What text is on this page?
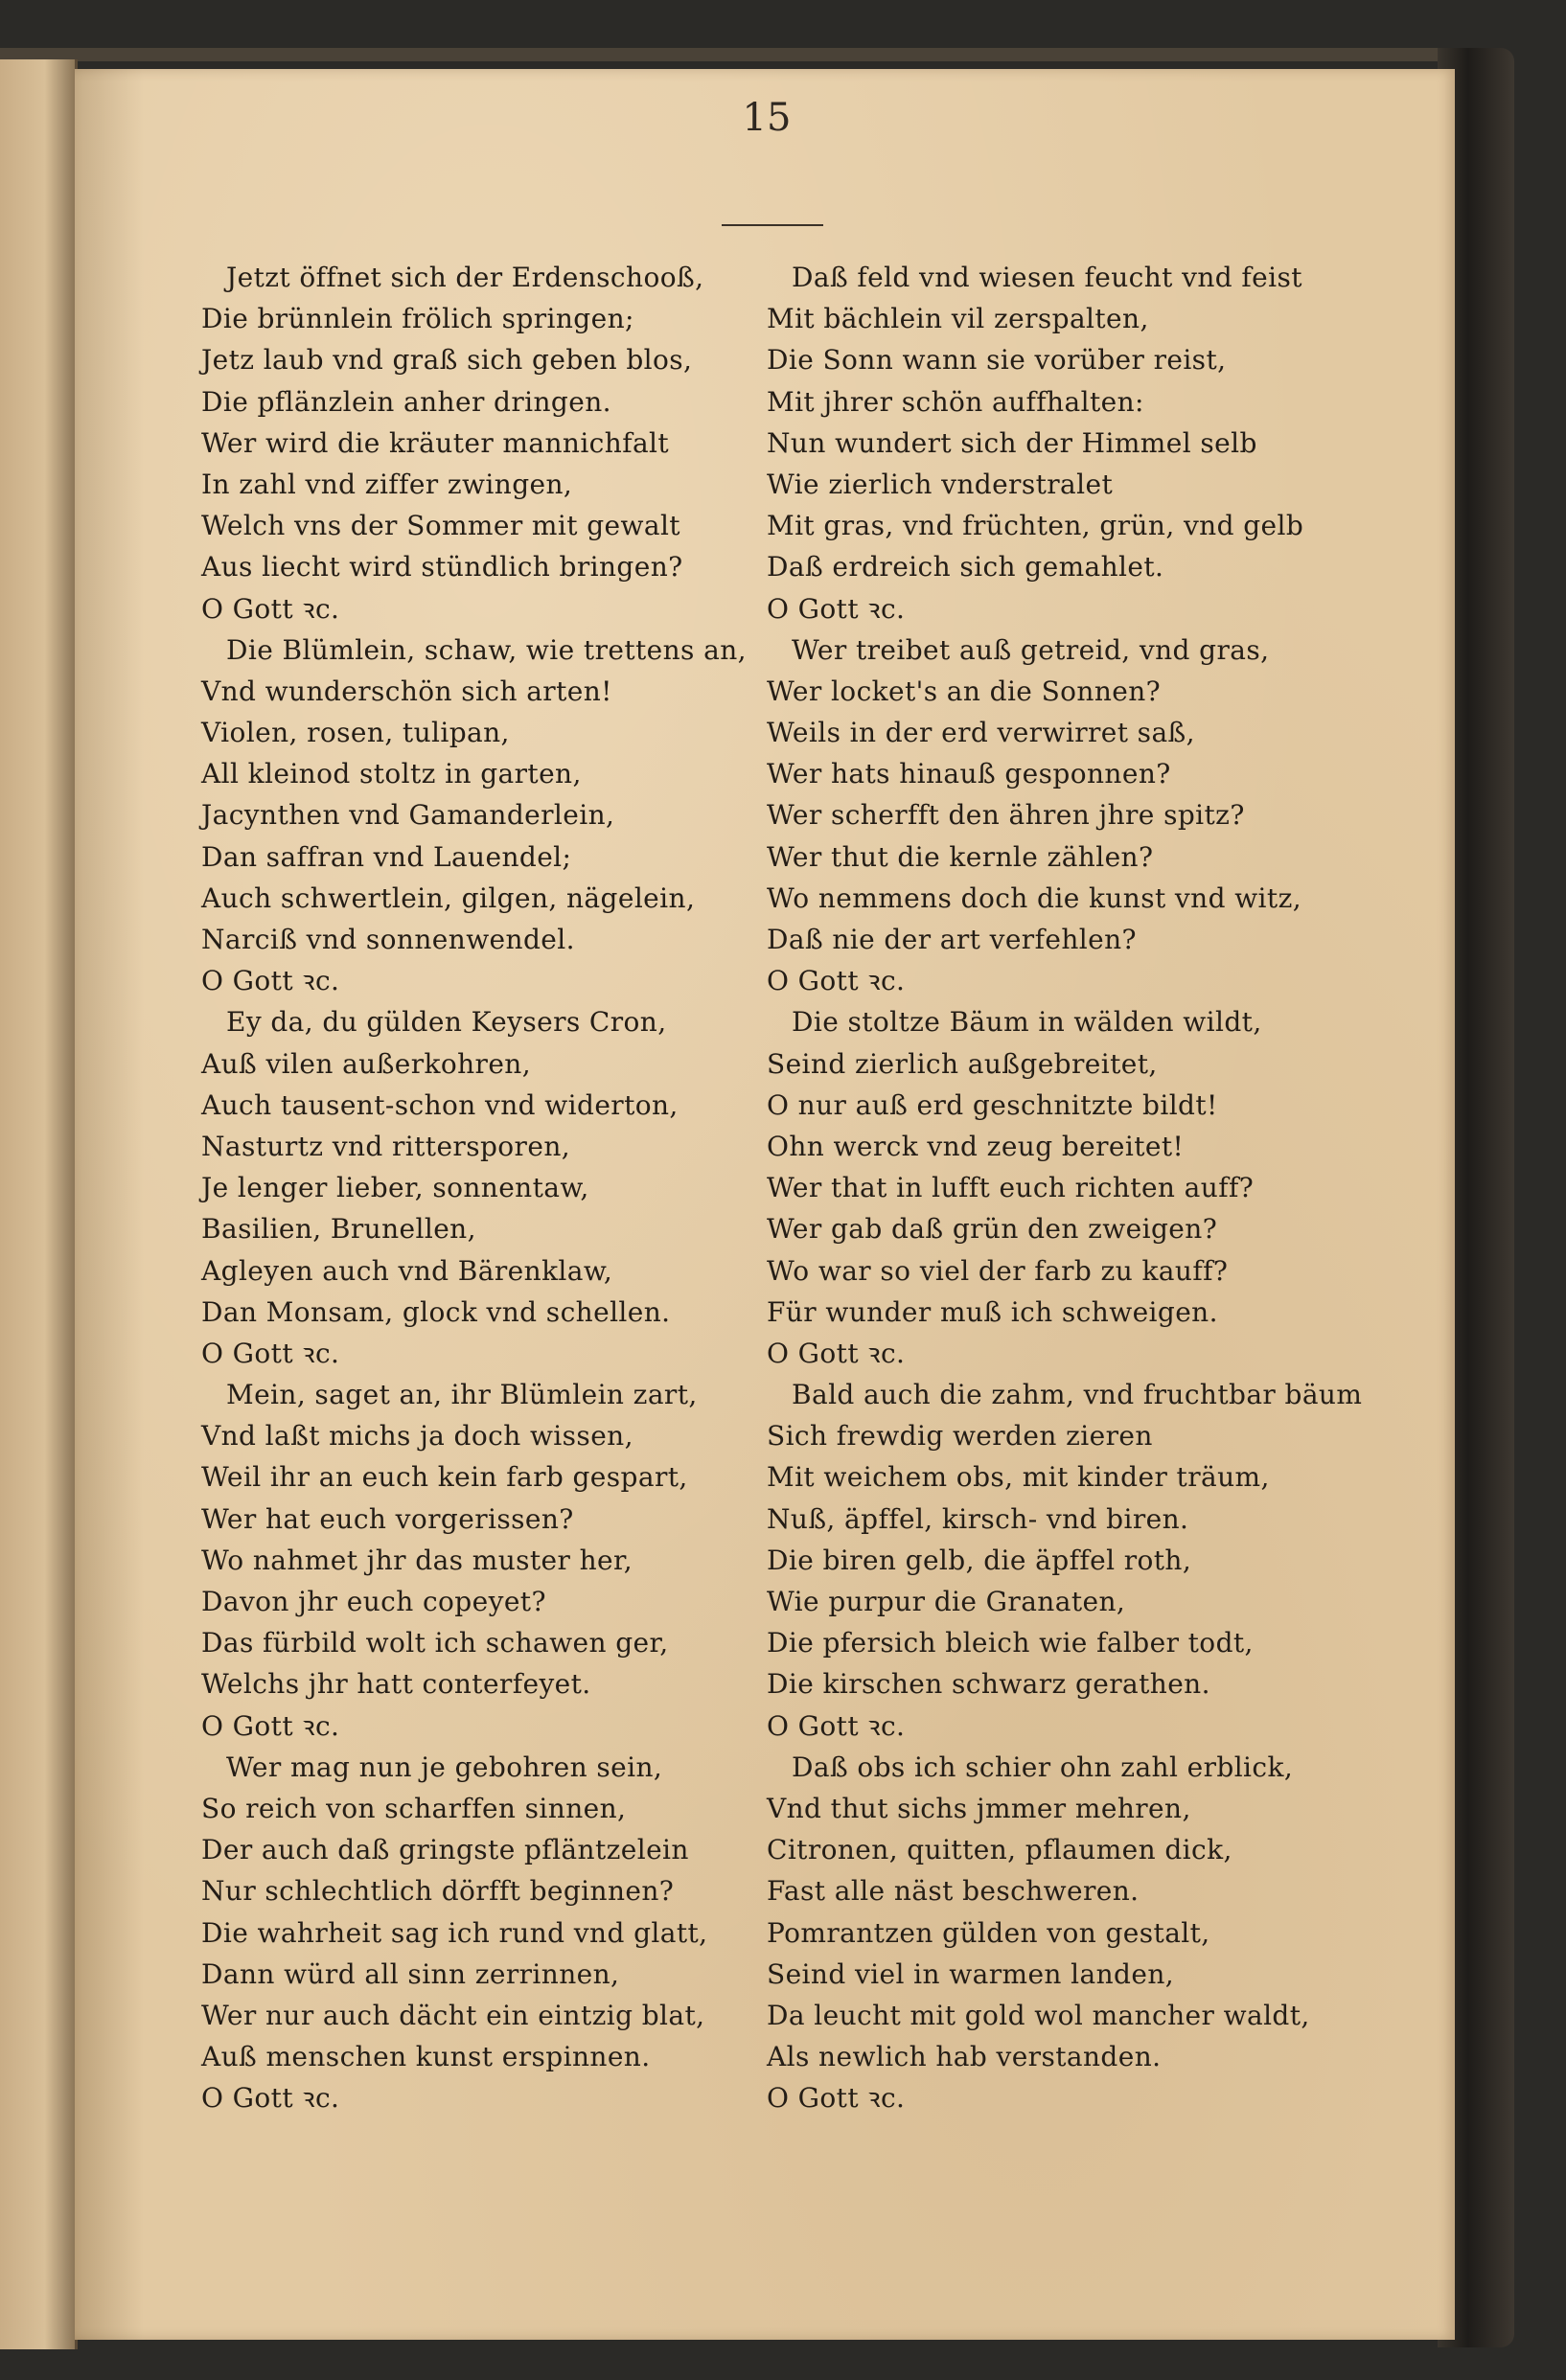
15
Jetzt öffnet sich der Erdenschooß,
Die brünnlein frölich springen;
Jetz laub vnd graß sich geben blos,
Die pflänzlein anher dringen.
Wer wird die kräuter mannichfalt
In zahl vnd ziffer zwingen,
Welch vns der Sommer mit gewalt
Aus liecht wird stündlich bringen?
O Gott ꝛc.
Die Blümlein, schaw, wie trettens an,
Vnd wunderschön sich arten!
Violen, rosen, tulipan,
All kleinod stoltz in garten,
Jacynthen vnd Gamanderlein,
Dan saffran vnd Lauendel;
Auch schwertlein, gilgen, nägelein,
Narciß vnd sonnenwendel.
O Gott ꝛc.
Ey da, du gülden Keysers Cron,
Auß vilen außerkohren,
Auch tausent-schon vnd widerton,
Nasturtz vnd rittersporen,
Je lenger lieber, sonnentaw,
Basilien, Brunellen,
Agleyen auch vnd Bärenklaw,
Dan Monsam, glock vnd schellen.
O Gott ꝛc.
Mein, saget an, ihr Blümlein zart,
Vnd laßt michs ja doch wissen,
Weil ihr an euch kein farb gespart,
Wer hat euch vorgerissen?
Wo nahmet jhr das muster her,
Davon jhr euch copeyet?
Das fürbild wolt ich schawen ger,
Welchs jhr hatt conterfeyet.
O Gott ꝛc.
Wer mag nun je gebohren sein,
So reich von scharffen sinnen,
Der auch daß gringste pfläntzelein
Nur schlechtlich dörfft beginnen?
Die wahrheit sag ich rund vnd glatt,
Dann würd all sinn zerrinnen,
Wer nur auch dächt ein eintzig blat,
Auß menschen kunst erspinnen.
O Gott ꝛc.
Daß feld vnd wiesen feucht vnd feist
Mit bächlein vil zerspalten,
Die Sonn wann sie vorüber reist,
Mit jhrer schön auffhalten:
Nun wundert sich der Himmel selb
Wie zierlich vnderstralet
Mit gras, vnd früchten, grün, vnd gelb
Daß erdreich sich gemahlet.
O Gott ꝛc.
Wer treibet auß getreid, vnd gras,
Wer locket's an die Sonnen?
Weils in der erd verwirret saß,
Wer hats hinauß gesponnen?
Wer scherfft den ähren jhre spitz?
Wer thut die kernle zählen?
Wo nemmens doch die kunst vnd witz,
Daß nie der art verfehlen?
O Gott ꝛc.
Die stoltze Bäum in wälden wildt,
Seind zierlich außgebreitet,
O nur auß erd geschnitzte bildt!
Ohn werck vnd zeug bereitet!
Wer that in lufft euch richten auff?
Wer gab daß grün den zweigen?
Wo war so viel der farb zu kauff?
Für wunder muß ich schweigen.
O Gott ꝛc.
Bald auch die zahm, vnd fruchtbar bäum
Sich frewdig werden zieren
Mit weichem obs, mit kinder träum,
Nuß, äpffel, kirsch- vnd biren.
Die biren gelb, die äpffel roth,
Wie purpur die Granaten,
Die pfersich bleich wie falber todt,
Die kirschen schwarz gerathen.
O Gott ꝛc.
Daß obs ich schier ohn zahl erblick,
Vnd thut sichs jmmer mehren,
Citronen, quitten, pflaumen dick,
Fast alle näst beschweren.
Pomrantzen gülden von gestalt,
Seind viel in warmen landen,
Da leucht mit gold wol mancher waldt,
Als newlich hab verstanden.
O Gott ꝛc.
